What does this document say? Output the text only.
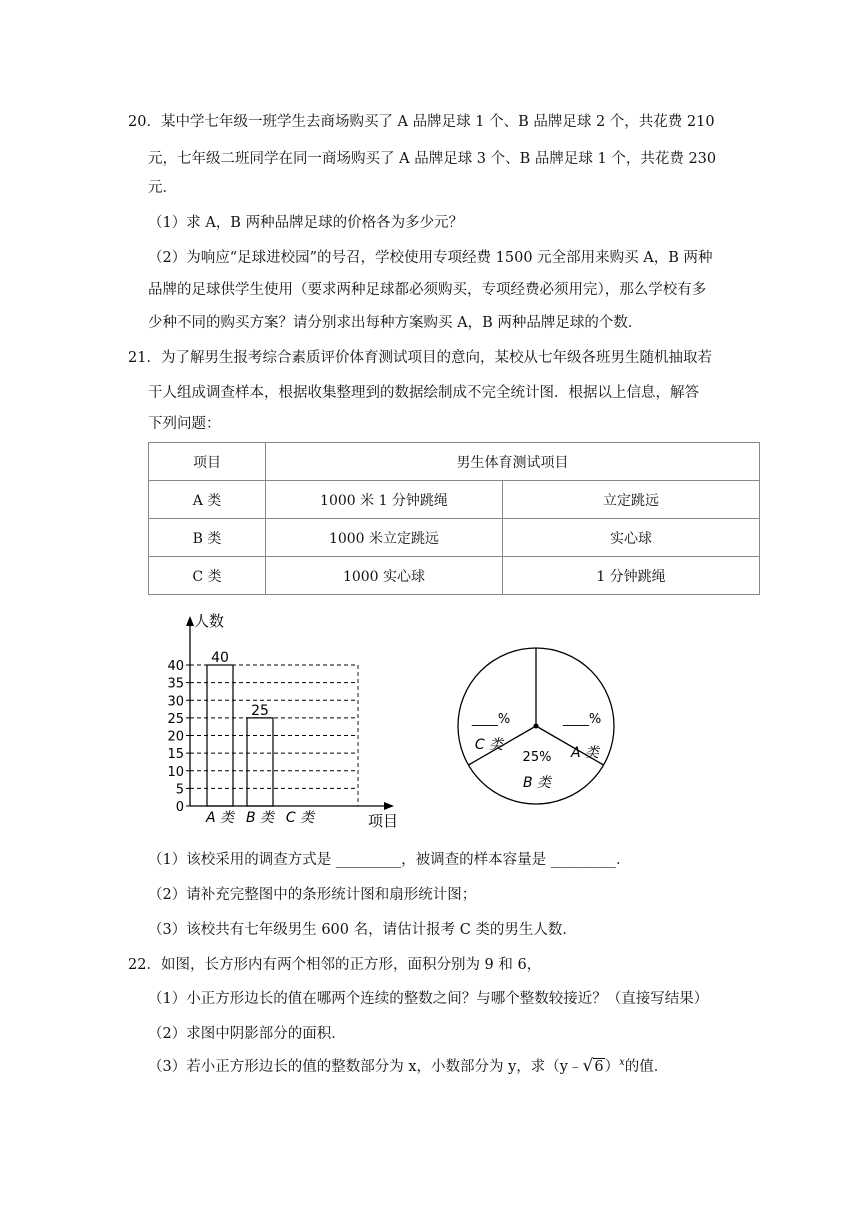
20．某中学七年级一班学生去商场购买了 A 品牌足球 1 个、B 品牌足球 2 个，共花费 210
元，七年级二班同学在同一商场购买了 A 品牌足球 3 个、B 品牌足球 1 个，共花费 230
元．
（1）求 A，B 两种品牌足球的价格各为多少元？
（2）为响应“足球进校园”的号召，学校使用专项经费 1500 元全部用来购买 A，B 两种
品牌的足球供学生使用（要求两种足球都必须购买，专项经费必须用完），那么学校有多
少种不同的购买方案？请分别求出每种方案购买 A，B 两种品牌足球的个数．
21．为了解男生报考综合素质评价体育测试项目的意向，某校从七年级各班男生随机抽取若
干人组成调查样本，根据收集整理到的数据绘制成不完全统计图．根据以上信息，解答
下列问题：
项目	男生体育测试项目	
A 类	1000 米 1 分钟跳绳	立定跳远
B 类	1000 米立定跳远	实心球
C 类	1000 实心球	1 分钟跳绳
0
5
10
15
20
25
30
35
40
40
A 类
25
B 类 C 类
人数
项目
____%
A 类
25%
B 类
____%
C 类
（1）该校采用的调查方式是 _________，被调查的样本容量是 _________．
（2）请补充完整图中的条形统计图和扇形统计图；
（3）该校共有七年级男生 600 名，请估计报考 C 类的男生人数．
22．如图，长方形内有两个相邻的正方形，面积分别为 9 和 6，
（1）小正方形边长的值在哪两个连续的整数之间？与哪个整数较接近？（直接写结果）
（2）求图中阴影部分的面积．
（3）若小正方形边长的值的整数部分为 x，小数部分为 y，求（y﹣√6）$^x$的值．
